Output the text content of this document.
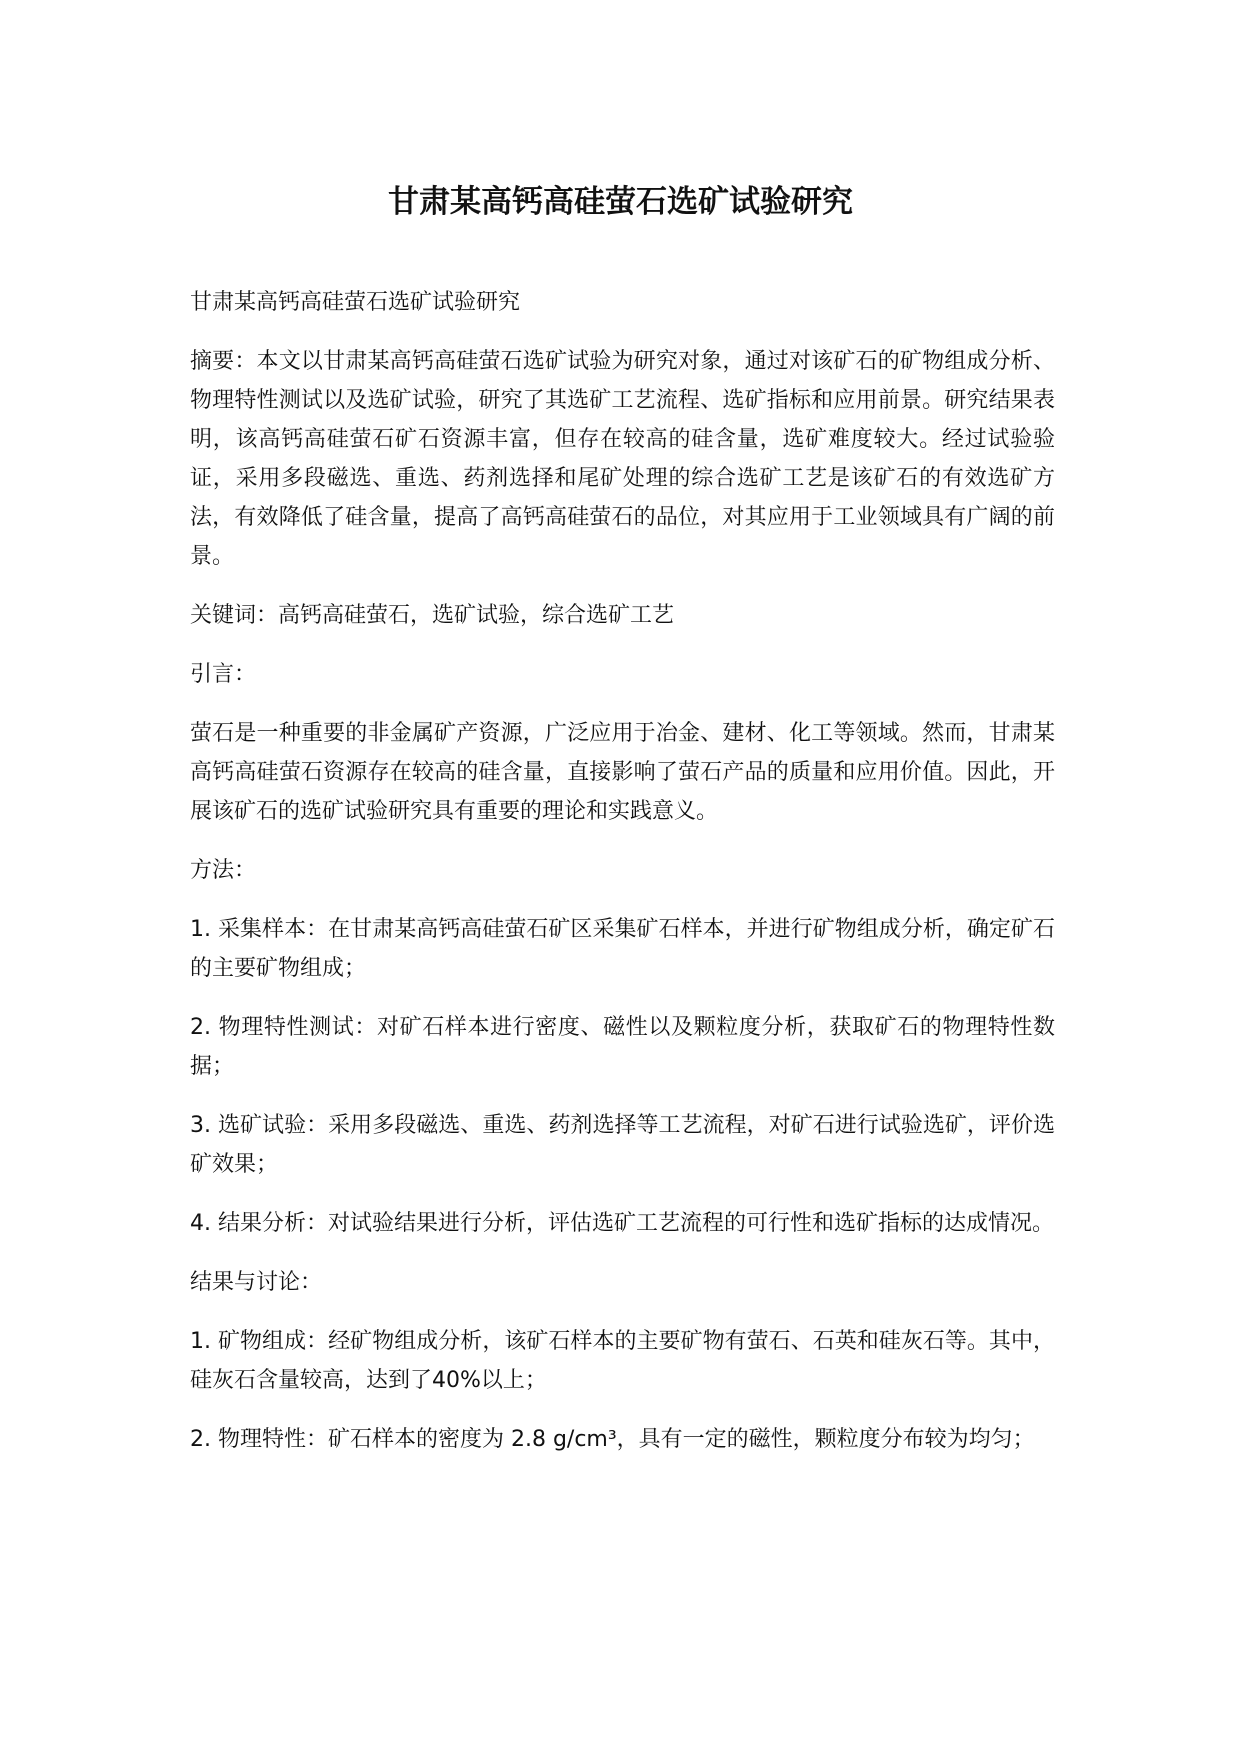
甘肃某高钙高硅萤石选矿试验研究

甘肃某高钙高硅萤石选矿试验研究

摘要：本文以甘肃某高钙高硅萤石选矿试验为研究对象，通过对该矿石的矿物组成分析、物理特性测试以及选矿试验，研究了其选矿工艺流程、选矿指标和应用前景。研究结果表明，该高钙高硅萤石矿石资源丰富，但存在较高的硅含量，选矿难度较大。经过试验验证，采用多段磁选、重选、药剂选择和尾矿处理的综合选矿工艺是该矿石的有效选矿方法，有效降低了硅含量，提高了高钙高硅萤石的品位，对其应用于工业领域具有广阔的前景。

关键词：高钙高硅萤石，选矿试验，综合选矿工艺

引言：

萤石是一种重要的非金属矿产资源，广泛应用于冶金、建材、化工等领域。然而，甘肃某高钙高硅萤石资源存在较高的硅含量，直接影响了萤石产品的质量和应用价值。因此，开展该矿石的选矿试验研究具有重要的理论和实践意义。

方法：

1. 采集样本：在甘肃某高钙高硅萤石矿区采集矿石样本，并进行矿物组成分析，确定矿石的主要矿物组成；

2. 物理特性测试：对矿石样本进行密度、磁性以及颗粒度分析，获取矿石的物理特性数据；

3. 选矿试验：采用多段磁选、重选、药剂选择等工艺流程，对矿石进行试验选矿，评价选矿效果；

4. 结果分析：对试验结果进行分析，评估选矿工艺流程的可行性和选矿指标的达成情况。

结果与讨论：

1. 矿物组成：经矿物组成分析，该矿石样本的主要矿物有萤石、石英和硅灰石等。其中，硅灰石含量较高，达到了40%以上；

2. 物理特性：矿石样本的密度为 2.8 g/cm³，具有一定的磁性，颗粒度分布较为均匀；
